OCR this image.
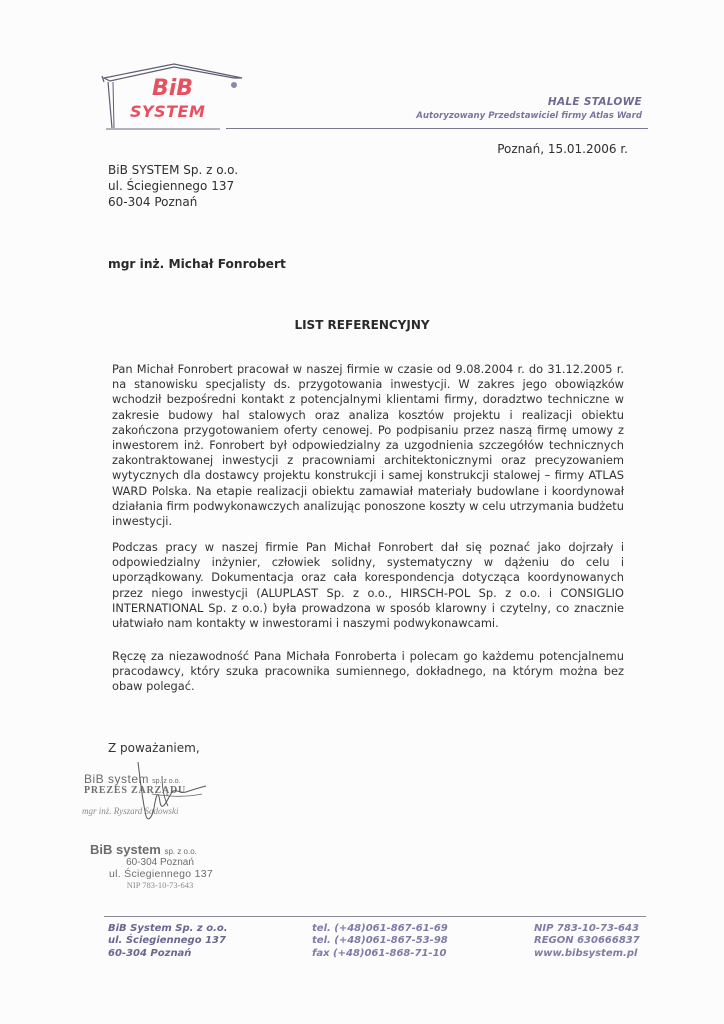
BiB
SYSTEM	HALE STALOWE
Autoryzowany Przedstawiciel firmy Atlas Ward
Poznań, 15.01.2006 r.
BiB SYSTEM Sp. z o.o.
ul. Ściegiennego 137
60-304 Poznań
mgr inż. Michał Fonrobert
LIST REFERENCYJNY

Pan Michał Fonrobert pracował w naszej firmie w czasie od 9.08.2004 r. do 31.12.2005 r. na stanowisku specjalisty ds. przygotowania inwestycji. W zakres jego obowiązków wchodził bezpośredni kontakt z potencjalnymi klientami firmy, doradztwo techniczne w zakresie budowy hal stalowych oraz analiza kosztów projektu i realizacji obiektu zakończona przygotowaniem oferty cenowej. Po podpisaniu przez naszą firmę umowy z inwestorem inż. Fonrobert był odpowiedzialny za uzgodnienia szczegółów technicznych zakontraktowanej inwestycji z pracowniami architektonicznymi oraz precyzowaniem wytycznych dla dostawcy projektu konstrukcji i samej konstrukcji stalowej – firmy ATLAS WARD Polska. Na etapie realizacji obiektu zamawiał materiały budowlane i koordynował działania firm podwykonawczych analizując ponoszone koszty w celu utrzymania budżetu inwestycji.

Podczas pracy w naszej firmie Pan Michał Fonrobert dał się poznać jako dojrzały i odpowiedzialny inżynier, człowiek solidny, systematyczny w dążeniu do celu i uporządkowany. Dokumentacja oraz cała korespondencja dotycząca koordynowanych przez niego inwestycji (ALUPLAST Sp. z o.o., HIRSCH-POL Sp. z o.o. i CONSIGLIO INTERNATIONAL Sp. z o.o.) była prowadzona w sposób klarowny i czytelny, co znacznie ułatwiało nam kontakty w inwestorami i naszymi podwykonawcami.

Ręczę za niezawodność Pana Michała Fonroberta i polecam go każdemu potencjalnemu pracodawcy, który szuka pracownika sumiennego, dokładnego, na którym można bez obaw polegać.

Z poważaniem,
BiB system sp. z o.o.
PREZES ZARZĄDU
mgr inż. Ryszard Sadowski
BiB system sp. z o.o.
60-304 Poznań
ul. Ściegiennego 137
NIP 783-10-73-643
BiB System Sp. z o.o.
ul. Ściegiennego 137
60-304 Poznań
tel. (+48)061-867-61-69
tel. (+48)061-867-53-98
fax (+48)061-868-71-10
NIP 783-10-73-643
REGON 630666837
www.bibsystem.pl
